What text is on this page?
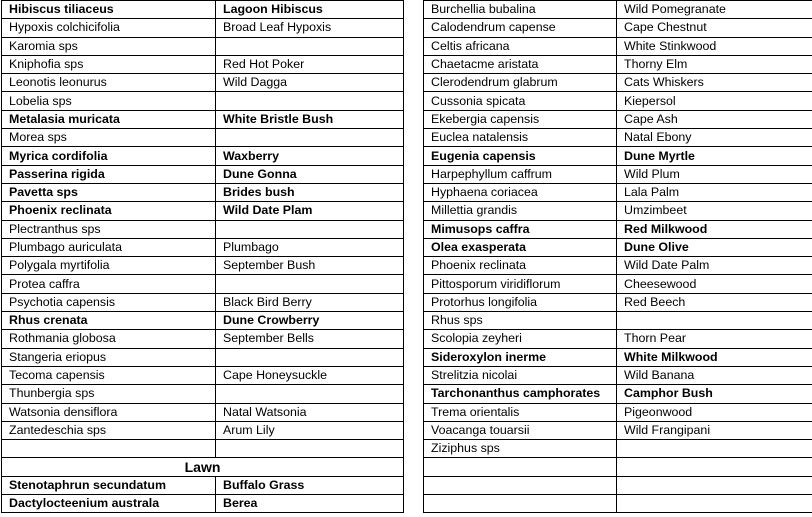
Hibiscus tiliaceus	Lagoon Hibiscus
Hypoxis colchicifolia	Broad Leaf Hypoxis
Karomia sps	
Kniphofia sps	Red Hot Poker
Leonotis leonurus	Wild Dagga
Lobelia sps	
Metalasia muricata	White Bristle Bush
Morea sps	
Myrica cordifolia	Waxberry
Passerina rigida	Dune Gonna
Pavetta sps	Brides bush
Phoenix reclinata	Wild Date Plam
Plectranthus sps	
Plumbago auriculata	Plumbago
Polygala myrtifolia	September Bush
Protea caffra	
Psychotia capensis	Black Bird Berry
Rhus crenata	Dune Crowberry
Rothmania globosa	September Bells
Stangeria eriopus	
Tecoma capensis	Cape Honeysuckle
Thunbergia sps	
Watsonia densiflora	Natal Watsonia
Zantedeschia sps	Arum Lily

Lawn	
Stenotaphrun secundatum	Buffalo Grass
Dactylocteenium australa	Berea
Burchellia bubalina	Wild Pomegranate
Calodendrum capense	Cape Chestnut
Celtis africana	White Stinkwood
Chaetacme aristata	Thorny Elm
Clerodendrum glabrum	Cats Whiskers
Cussonia spicata	Kiepersol
Ekebergia capensis	Cape Ash
Euclea natalensis	Natal Ebony
Eugenia capensis	Dune Myrtle
Harpephyllum caffrum	Wild Plum
Hyphaena coriacea	Lala Palm
Millettia grandis	Umzimbeet
Mimusops caffra	Red Milkwood
Olea exasperata	Dune Olive
Phoenix reclinata	Wild Date Palm
Pittosporum viridiflorum	Cheesewood
Protorhus longifolia	Red Beech
Rhus sps	
Scolopia zeyheri	Thorn Pear
Sideroxylon inerme	White Milkwood
Strelitzia nicolai	Wild Banana
Tarchonanthus camphorates	Camphor Bush
Trema orientalis	Pigeonwood
Voacanga touarsii	Wild Frangipani
Ziziphus sps	
